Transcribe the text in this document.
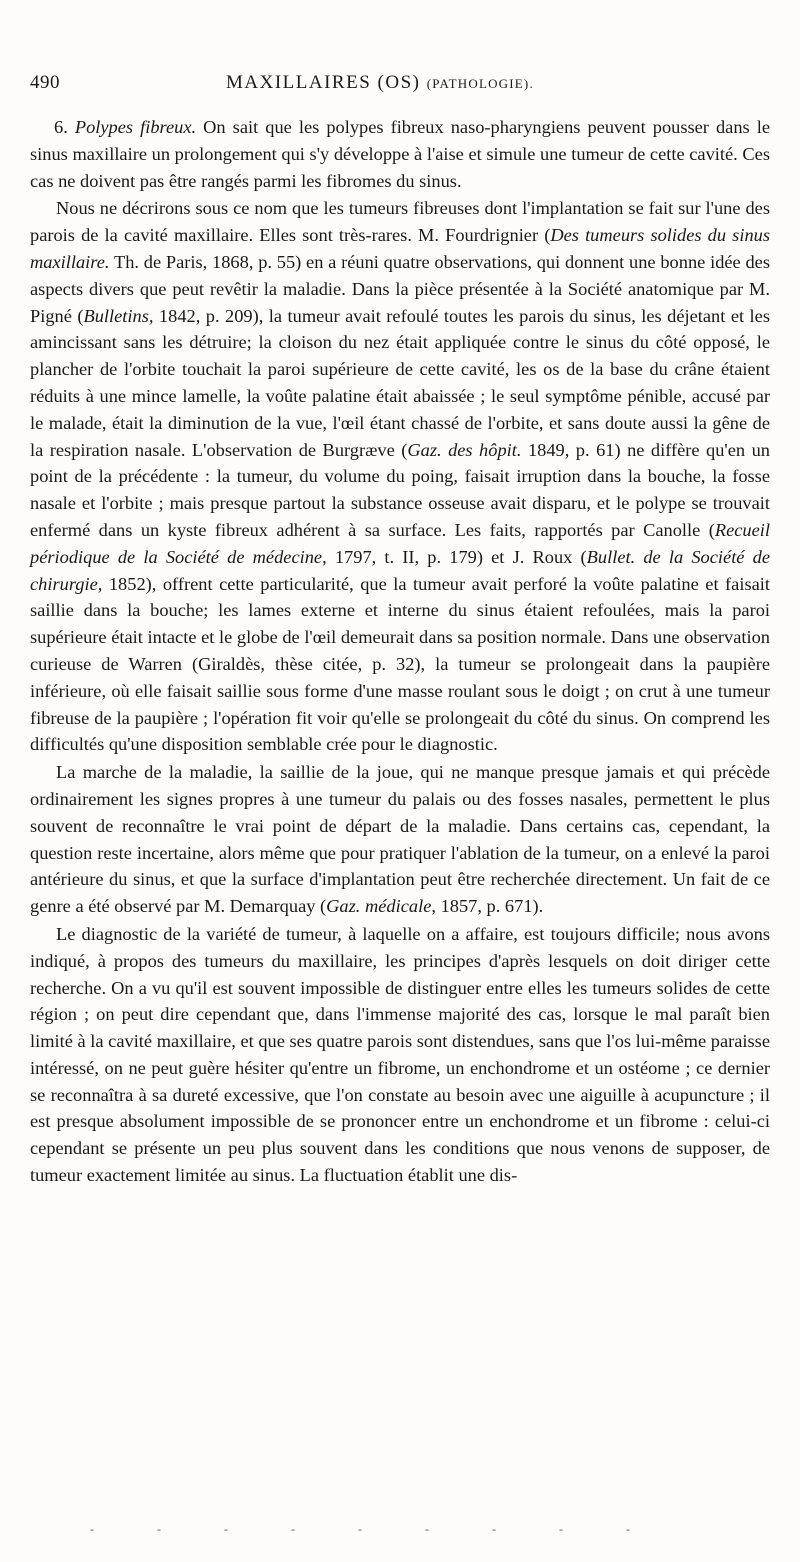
490	MAXILLAIRES (OS) (PATHOLOGIE).

6. Polypes fibreux. On sait que les polypes fibreux naso-pharyngiens peuvent pousser dans le sinus maxillaire un prolongement qui s'y développe à l'aise et simule une tumeur de cette cavité. Ces cas ne doivent pas être rangés parmi les fibromes du sinus.

Nous ne décrirons sous ce nom que les tumeurs fibreuses dont l'implantation se fait sur l'une des parois de la cavité maxillaire. Elles sont très-rares. M. Fourdrignier (Des tumeurs solides du sinus maxillaire. Th. de Paris, 1868, p. 55) en a réuni quatre observations, qui donnent une bonne idée des aspects divers que peut revêtir la maladie. Dans la pièce présentée à la Société anatomique par M. Pigné (Bulletins, 1842, p. 209), la tumeur avait refoulé toutes les parois du sinus, les déjetant et les amincissant sans les détruire; la cloison du nez était appliquée contre le sinus du côté opposé, le plancher de l'orbite touchait la paroi supérieure de cette cavité, les os de la base du crâne étaient réduits à une mince lamelle, la voûte palatine était abaissée ; le seul symptôme pénible, accusé par le malade, était la diminution de la vue, l'œil étant chassé de l'orbite, et sans doute aussi la gêne de la respiration nasale. L'observation de Burgræve (Gaz. des hôpit. 1849, p. 61) ne diffère qu'en un point de la précédente : la tumeur, du volume du poing, faisait irruption dans la bouche, la fosse nasale et l'orbite ; mais presque partout la substance osseuse avait disparu, et le polype se trouvait enfermé dans un kyste fibreux adhérent à sa surface. Les faits, rapportés par Canolle (Recueil périodique de la Société de médecine, 1797, t. II, p. 179) et J. Roux (Bullet. de la Société de chirurgie, 1852), offrent cette particularité, que la tumeur avait perforé la voûte palatine et faisait saillie dans la bouche; les lames externe et interne du sinus étaient refoulées, mais la paroi supérieure était intacte et le globe de l'œil demeurait dans sa position normale. Dans une observation curieuse de Warren (Giraldès, thèse citée, p. 32), la tumeur se prolongeait dans la paupière inférieure, où elle faisait saillie sous forme d'une masse roulant sous le doigt ; on crut à une tumeur fibreuse de la paupière ; l'opération fit voir qu'elle se prolongeait du côté du sinus. On comprend les difficultés qu'une disposition semblable crée pour le diagnostic.

La marche de la maladie, la saillie de la joue, qui ne manque presque jamais et qui précède ordinairement les signes propres à une tumeur du palais ou des fosses nasales, permettent le plus souvent de reconnaître le vrai point de départ de la maladie. Dans certains cas, cependant, la question reste incertaine, alors même que pour pratiquer l'ablation de la tumeur, on a enlevé la paroi antérieure du sinus, et que la surface d'implantation peut être recherchée directement. Un fait de ce genre a été observé par M. Demarquay (Gaz. médicale, 1857, p. 671).

Le diagnostic de la variété de tumeur, à laquelle on a affaire, est toujours difficile; nous avons indiqué, à propos des tumeurs du maxillaire, les principes d'après lesquels on doit diriger cette recherche. On a vu qu'il est souvent impossible de distinguer entre elles les tumeurs solides de cette région ; on peut dire cependant que, dans l'immense majorité des cas, lorsque le mal paraît bien limité à la cavité maxillaire, et que ses quatre parois sont distendues, sans que l'os lui-même paraisse intéressé, on ne peut guère hésiter qu'entre un fibrome, un enchondrome et un ostéome ; ce dernier se reconnaîtra à sa dureté excessive, que l'on constate au besoin avec une aiguille à acupuncture ; il est presque absolument impossible de se prononcer entre un enchondrome et un fibrome : celui-ci cependant se présente un peu plus souvent dans les conditions que nous venons de supposer, de tumeur exactement limitée au sinus. La fluctuation établit une dis-

- - - - - - - - -
